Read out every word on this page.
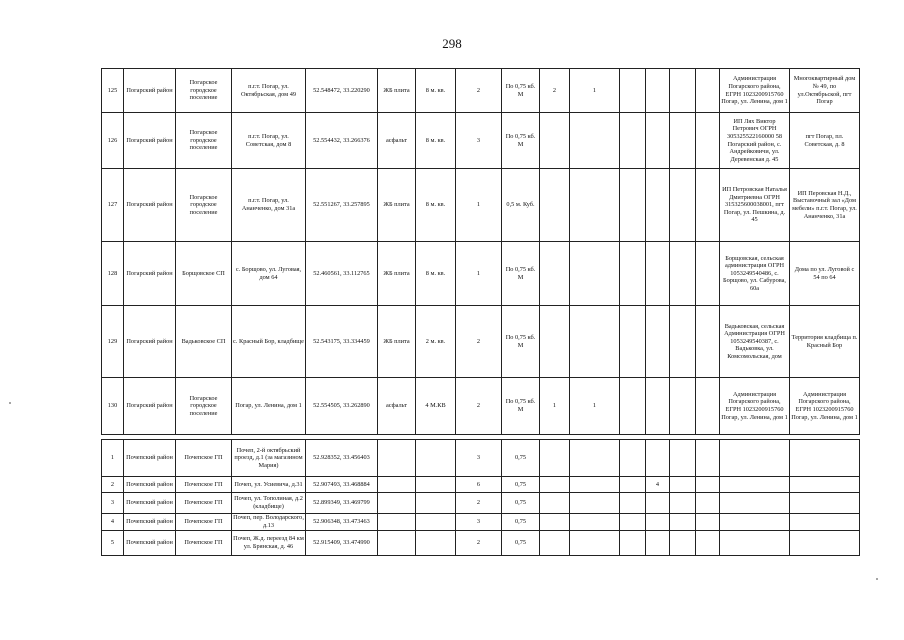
298
125	Погарский район	Погарское городское поселение	п.г.т. Погар, ул. Октябрьская, дом 49	52.548472, 33.220290	ЖБ плита	8 м. кв.	2	По 0,75 кб. М	2	1					Администрация Погарского района, ЕГРН 1023200915760 Погар, ул. Ленина, дом 1	Многоквартирный дом № 49, по ул.Октябрьской, пгт Погар
126	Погарский район	Погарское городское поселение	п.г.т. Погар, ул. Советская, дом 8	52.554432, 33.266376	асфальт	8 м. кв.	3	По 0,75 кб. М							ИП Лях Виктор Петрович ОГРН 305325522160000 58 Погарский район, с. Андрейковичи, ул. Деревенская д. 45	пгт Погар, пл. Советская, д. 8
127	Погарский район	Погарское городское поселение	п.г.т. Погар, ул. Ананченко, дом 31а	52.551267, 33.257895	ЖБ плита	8 м. кв.	1	0,5 м. Куб.							ИП Петровская Наталья Дмитриевна ОГРН 315325600038001, пгт Погар, ул. Пешкина, д. 45	ИП Перовская Н.Д., Выставочный зал «Дом мебели» п.г.т. Погар, ул. Ананченко, 31а
128	Погарский район	Борщовское СП	с. Борщово, ул. Луговая, дом 64	52.460561, 33.112765	ЖБ плита	8 м. кв.	1	По 0,75 кб. М							Борщовская, сельская администрация ОГРН 1053249540486, с. Борщово, ул. Сабурова, 60а	Дома по ул. Луговой с 54 по 64
129	Погарский район	Вадьковское СП	с. Красный Бор, кладбище	52.543175, 33.334459	ЖБ плита	2 м. кв.	2	По 0,75 кб. М							Вадьковская, сельская Администрация ОГРН 1053249540387, с. Вадьковка, ул. Комсомольская, дом	Территория кладбища п. Красный Бор
130	Погарский район	Погарское городское поселение	Погар, ул. Ленина, дом 1	52.554505, 33.262890	асфальт	4 М.КВ	2	По 0,75 кб. М	1	1					Администрация Погарского района, ЕГРН 1023200915760 Погар, ул. Ленина, дом 1	Администрация Погарского района, ЕГРН 1023200915760 Погар, ул. Ленина, дом 1
1	Почепский район	Почепское ГП	Почеп, 2-й октябрьский проезд, д.1 (за магазином Мария)	52.928352, 33.456403			3	0,75								
2	Почепский район	Почепское ГП	Почеп, ул. Усиевича, д.31	52.907493, 33.468884			6	0,75				4				
3	Почепский район	Почепское ГП	Почеп, ул. Тополиная, д.2 (кладбище)	52.899349, 33.469799			2	0,75								
4	Почепский район	Почепское ГП	Почеп, пер. Володарского, д.13	52.906348, 33.473463			3	0,75								
5	Почепский район	Почепское ГП	Почеп, Ж.д. переезд 84 км ул. Брянская, д. 46	52.915409, 33.474990			2	0,75								
